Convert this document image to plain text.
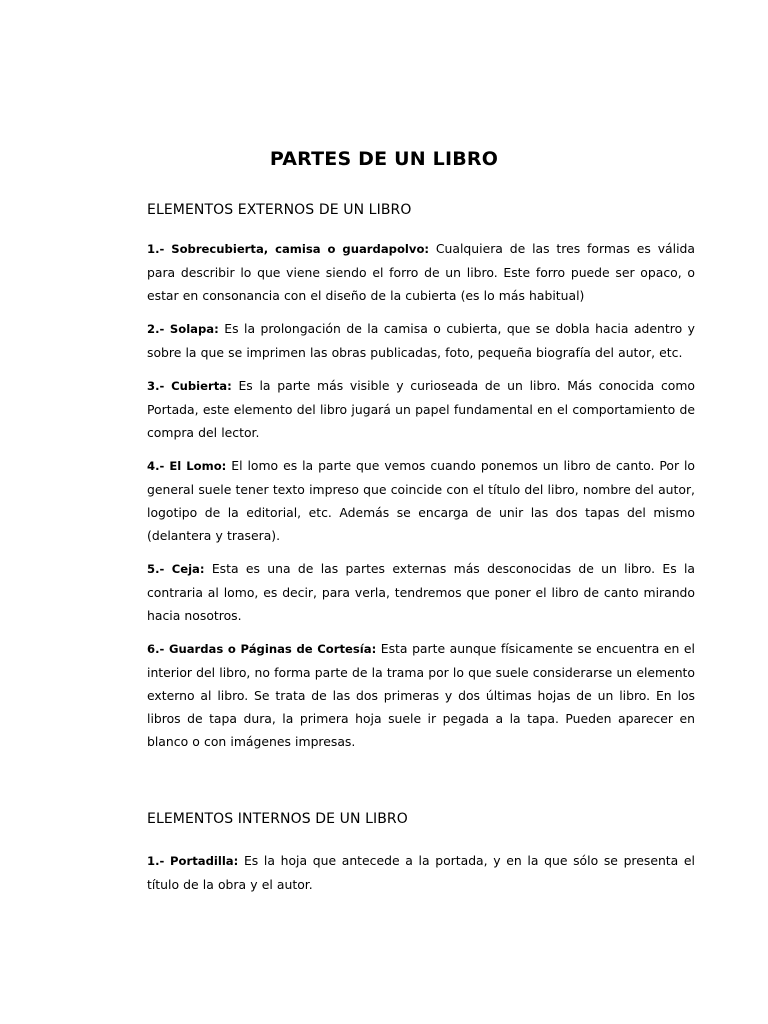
PARTES DE UN LIBRO
ELEMENTOS EXTERNOS DE UN LIBRO

1.- Sobrecubierta, camisa o guardapolvo: Cualquiera de las tres formas es válida para describir lo que viene siendo el forro de un libro. Este forro puede ser opaco, o estar en consonancia con el diseño de la cubierta (es lo más habitual)

2.- Solapa: Es la prolongación de la camisa o cubierta, que se dobla hacia adentro y sobre la que se imprimen las obras publicadas, foto, pequeña biografía del autor, etc.

3.- Cubierta: Es la parte más visible y curioseada de un libro. Más conocida como Portada, este elemento del libro jugará un papel fundamental en el comportamiento de compra del lector.

4.- El Lomo: El lomo es la parte que vemos cuando ponemos un libro de canto. Por lo general suele tener texto impreso que coincide con el título del libro, nombre del autor, logotipo de la editorial, etc. Además se encarga de unir las dos tapas del mismo (delantera y trasera).

5.- Ceja: Esta es una de las partes externas más desconocidas de un libro. Es la contraria al lomo, es decir, para verla, tendremos que poner el libro de canto mirando hacia nosotros.

6.- Guardas o Páginas de Cortesía: Esta parte aunque físicamente se encuentra en el interior del libro, no forma parte de la trama por lo que suele considerarse un elemento externo al libro. Se trata de las dos primeras y dos últimas hojas de un libro. En los libros de tapa dura, la primera hoja suele ir pegada a la tapa. Pueden aparecer en blanco o con imágenes impresas.

ELEMENTOS INTERNOS DE UN LIBRO

1.- Portadilla: Es la hoja que antecede a la portada, y en la que sólo se presenta el título de la obra y el autor.
